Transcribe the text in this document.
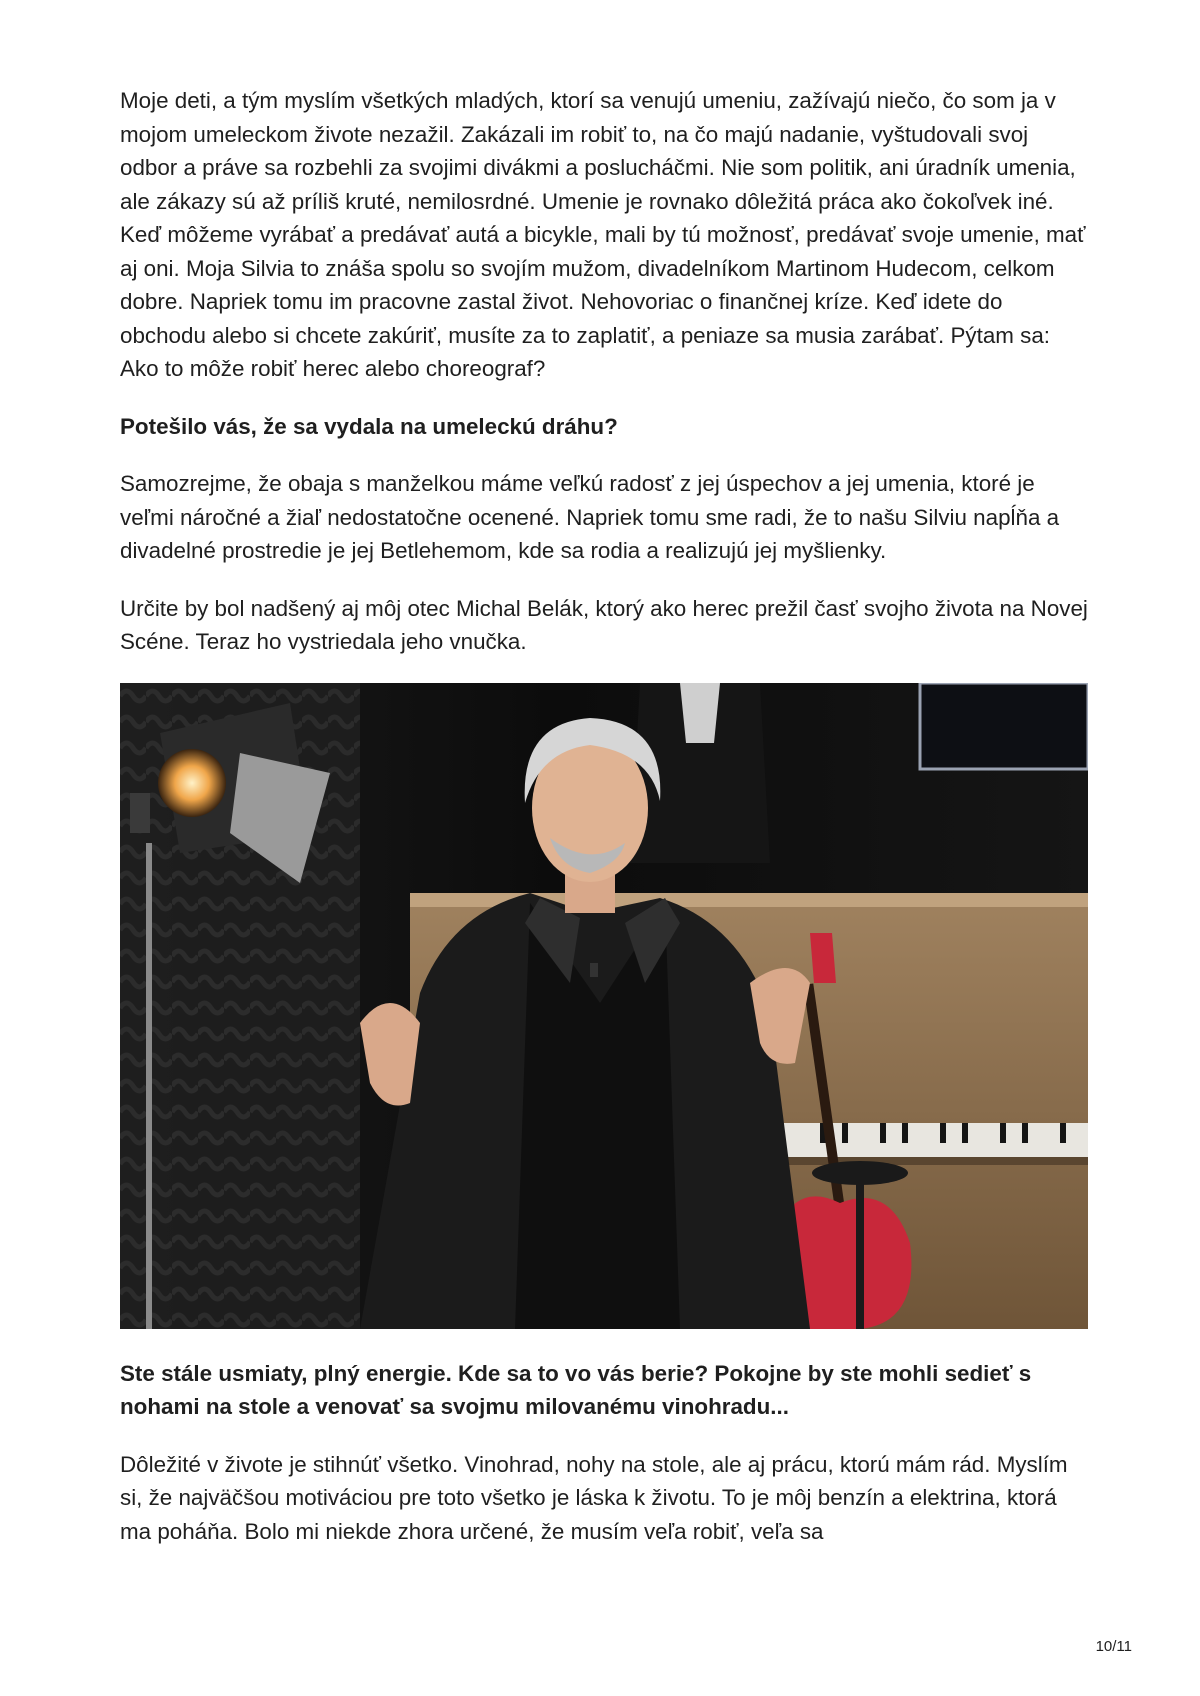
Moje deti, a tým myslím všetkých mladých, ktorí sa venujú umeniu, zažívajú niečo, čo som ja v mojom umeleckom živote nezažil. Zakázali im robiť to, na čo majú nadanie, vyštudovali svoj odbor a práve sa rozbehli za svojimi divákmi a poslucháčmi. Nie som politik, ani úradník umenia, ale zákazy sú až príliš kruté, nemilosrdné. Umenie je rovnako dôležitá práca ako čokoľvek iné. Keď môžeme vyrábať a predávať autá a bicykle, mali by tú možnosť, predávať svoje umenie, mať aj oni. Moja Silvia to znáša spolu so svojím mužom, divadelníkom Martinom Hudecom, celkom dobre. Napriek tomu im pracovne zastal život. Nehovoriac o finančnej kríze. Keď idete do obchodu alebo si chcete zakúriť, musíte za to zaplatiť, a peniaze sa musia zarábať. Pýtam sa: Ako to môže robiť herec alebo choreograf?

Potešilo vás, že sa vydala na umeleckú dráhu?

Samozrejme, že obaja s manželkou máme veľkú radosť z jej úspechov a jej umenia, ktoré je veľmi náročné a žiaľ nedostatočne ocenené. Napriek tomu sme radi, že to našu Silviu napĺňa a divadelné prostredie je jej Betlehemom, kde sa rodia a realizujú jej myšlienky.

Určite by bol nadšený aj môj otec Michal Belák, ktorý ako herec prežil časť svojho života na Novej Scéne. Teraz ho vystriedala jeho vnučka.

Ste stále usmiaty, plný energie. Kde sa to vo vás berie? Pokojne by ste mohli sedieť s nohami na stole a venovať sa svojmu milovanému vinohradu...

Dôležité v živote je stihnúť všetko. Vinohrad, nohy na stole, ale aj prácu, ktorú mám rád. Myslím si, že najväčšou motiváciou pre toto všetko je láska k životu. To je môj benzín a elektrina, ktorá ma poháňa. Bolo mi niekde zhora určené, že musím veľa robiť, veľa sa

10/11
